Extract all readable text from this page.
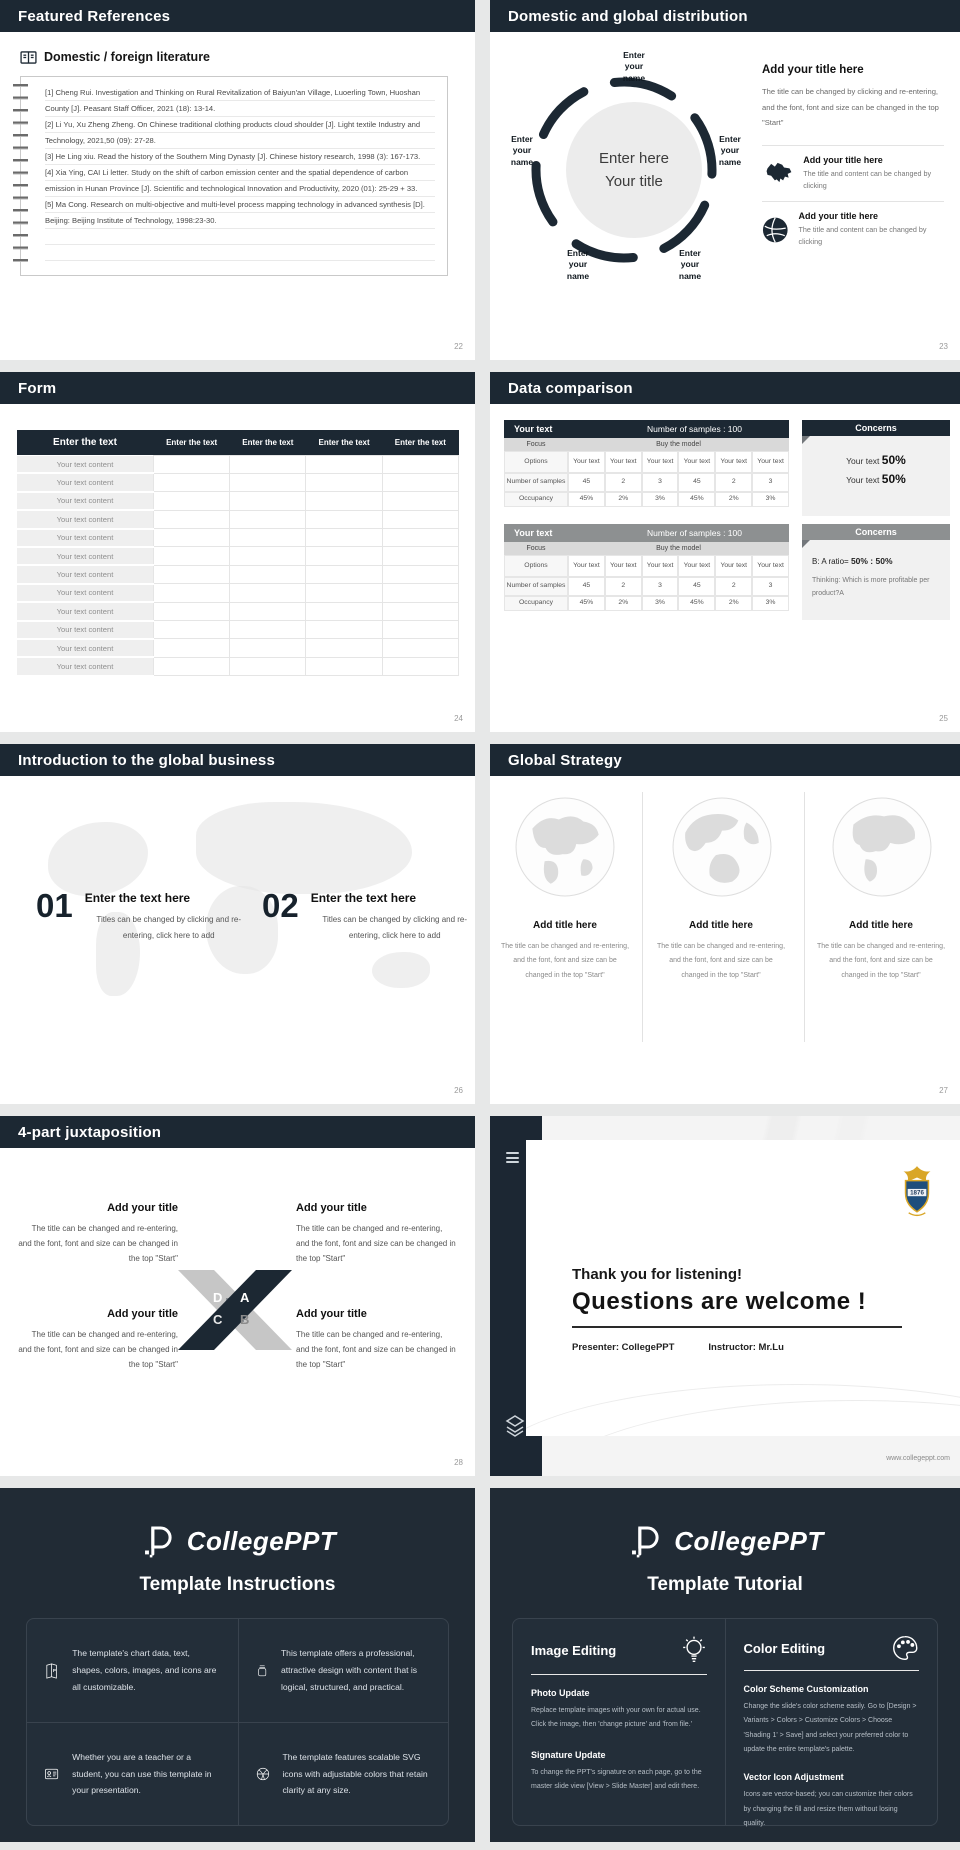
Featured References
Domestic / foreign literature

[1] Cheng Rui. Investigation and Thinking on Rural Revitalization of Baiyun'an Village, Luoerling Town, Huoshan County [J]. Peasant Staff Officer, 2021 (18): 13-14.

[2] Li Yu, Xu Zheng Zheng. On Chinese traditional clothing products cloud shoulder [J]. Light textile Industry and Technology, 2021,50 (09): 27-28.

[3] He Ling xiu. Read the history of the Southern Ming Dynasty [J]. Chinese history research, 1998 (3): 167-173.

[4] Xia Ying, CAI Li letter. Study on the shift of carbon emission center and the spatial dependence of carbon emission in Hunan Province [J]. Scientific and technological Innovation and Productivity, 2020 (01): 25-29 + 33.

[5] Ma Cong. Research on multi-objective and multi-level process mapping technology in advanced synthesis [D]. Beijing: Beijing Institute of Technology, 1998:23-30.

22
Domestic and global distribution
Enter here
Your title
Enter your name
Enter your name
Enter your name
Enter your name
Enter your name
Add your title here

The title can be changed by clicking and re-entering, and the font, font and size can be changed in the top "Start"

Add your title here
The title and content can be changed by clicking
Add your title here
The title and content can be changed by clicking
23
Form
Enter the text	Enter the text	Enter the text	Enter the text	Enter the text
Your text content				
Your text content				
Your text content				
Your text content				
Your text content				
Your text content				
Your text content				
Your text content				
Your text content				
Your text content				
Your text content				
Your text content				
24
Data comparison
Your text	Number of samples : 100
Focus	Buy the model
Options	Your text	Your text	Your text	Your text	Your text	Your text
Number of samples	45	2	3	45	2	3
Occupancy	45%	2%	3%	45%	2%	3%
Concerns
Your text 50%
Your text 50%
Your text	Number of samples : 100
Focus	Buy the model
Options	Your text	Your text	Your text	Your text	Your text	Your text
Number of samples	45	2	3	45	2	3
Occupancy	45%	2%	3%	45%	2%	3%
Concerns
B: A ratio= 50% : 50%
Thinking: Which is more profitable per product?A
25
Introduction to the global business
01 Enter the text here
Titles can be changed by clicking and re-entering, click here to add
02 Enter the text here
Titles can be changed by clicking and re-entering, click here to add
26
Global Strategy
Add title here	Add title here	Add title here
The title can be changed and re-entering, and the font, font and size can be changed in the top "Start"
The title can be changed and re-entering, and the font, font and size can be changed in the top "Start"
The title can be changed and re-entering, and the font, font and size can be changed in the top "Start"
27
4-part juxtaposition
Add your title
The title can be changed and re-entering, and the font, font and size can be changed in the top "Start"
Add your title
The title can be changed and re-entering, and the font, font and size can be changed in the top "Start"
Add your title
The title can be changed and re-entering, and the font, font and size can be changed in the top "Start"
Add your title
The title can be changed and re-entering, and the font, font and size can be changed in the top "Start"
D A
C B
28
1876
Thank you for listening!
Questions are welcome !
Presenter: CollegePPT	Instructor: Mr.Lu
www.collegeppt.com
CollegePPT
Template Instructions
P

The template's chart data, text, shapes, colors, images, and icons are all customizable.

This template offers a professional, attractive design with content that is logical, structured, and practical.

Whether you are a teacher or a student, you can use this template in your presentation.

The template features scalable SVG icons with adjustable colors that retain clarity at any size.

CollegePPT
Template Tutorial
Image Editing
Photo Update

Replace template images with your own for actual use. Click the image, then 'change picture' and 'from file.'

Signature Update

To change the PPT's signature on each page, go to the master slide view [View > Slide Master] and edit there.

Color Editing
Color Scheme Customization

Change the slide's color scheme easily. Go to [Design > Variants > Colors > Customize Colors > Choose 'Shading 1' > Save] and select your preferred color to update the entire template's palette.

Vector Icon Adjustment

Icons are vector-based; you can customize their colors by changing the fill and resize them without losing quality.
